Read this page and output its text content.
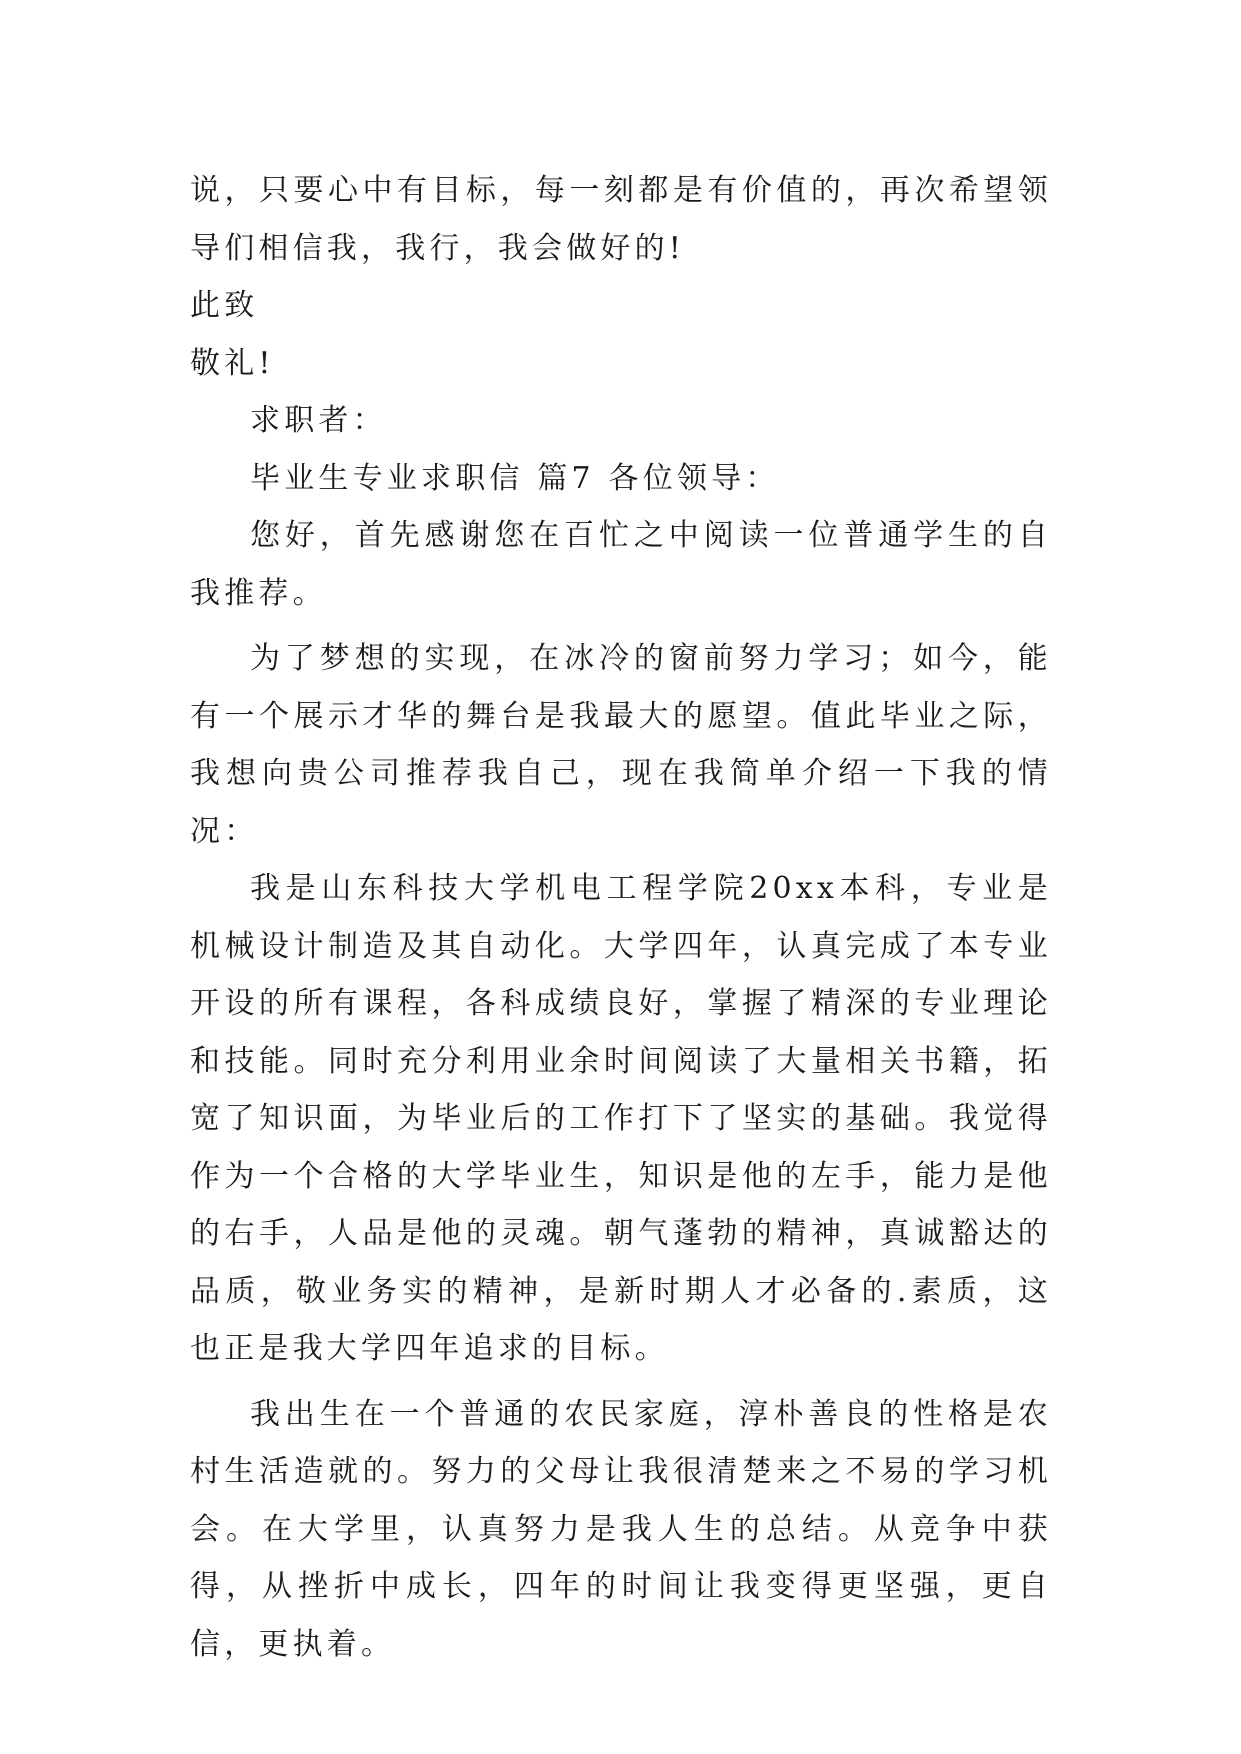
说，只要心中有目标，每一刻都是有价值的，再次希望领导们相信我，我行，我会做好的!

此致

敬礼!

求职者：

毕业生专业求职信 篇7 各位领导：

您好，首先感谢您在百忙之中阅读一位普通学生的自我推荐。

为了梦想的实现，在冰冷的窗前努力学习；如今，能有一个展示才华的舞台是我最大的愿望。值此毕业之际，我想向贵公司推荐我自己，现在我简单介绍一下我的情况：

我是山东科技大学机电工程学院20xx本科，专业是机械设计制造及其自动化。大学四年，认真完成了本专业开设的所有课程，各科成绩良好，掌握了精深的专业理论和技能。同时充分利用业余时间阅读了大量相关书籍，拓宽了知识面，为毕业后的工作打下了坚实的基础。我觉得作为一个合格的大学毕业生，知识是他的左手，能力是他的右手，人品是他的灵魂。朝气蓬勃的精神，真诚豁达的品质，敬业务实的精神，是新时期人才必备的.素质，这也正是我大学四年追求的目标。

我出生在一个普通的农民家庭，淳朴善良的性格是农村生活造就的。努力的父母让我很清楚来之不易的学习机会。在大学里，认真努力是我人生的总结。从竞争中获得，从挫折中成长，四年的时间让我变得更坚强，更自信，更执着。
